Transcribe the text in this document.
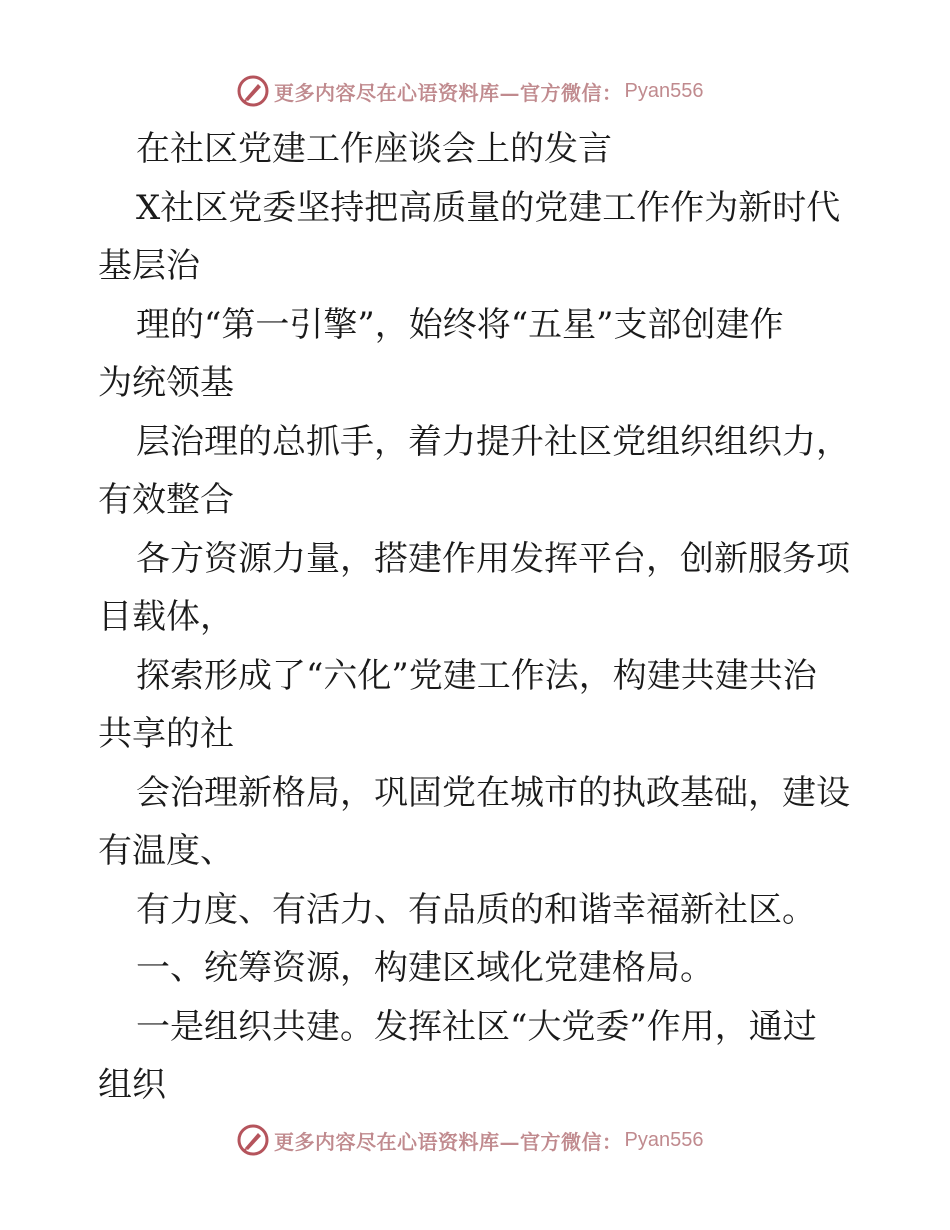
更多内容尽在心语资料库—官方微信： Pyan556

在社区党建工作座谈会上的发言

X社区党委坚持把高质量的党建工作作为新时代

基层治

理的“第一引擎”，始终将“五星”支部创建作

为统领基

层治理的总抓手，着力提升社区党组织组织力，

有效整合

各方资源力量，搭建作用发挥平台，创新服务项

目载体，

探索形成了“六化”党建工作法，构建共建共治

共享的社

会治理新格局，巩固党在城市的执政基础，建设

有温度、

有力度、有活力、有品质的和谐幸福新社区。

一、统筹资源，构建区域化党建格局。

一是组织共建。发挥社区“大党委”作用，通过

组织

更多内容尽在心语资料库—官方微信： Pyan556
